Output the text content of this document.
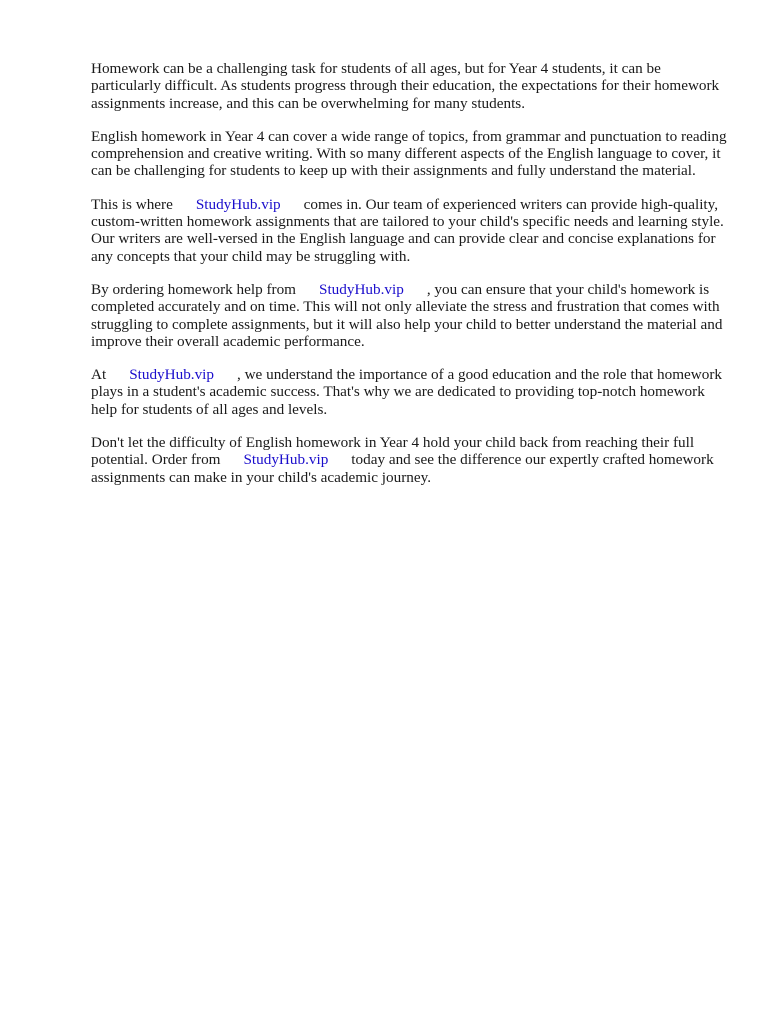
Homework can be a challenging task for students of all ages, but for Year 4 students, it can be particularly difficult. As students progress through their education, the expectations for their homework assignments increase, and this can be overwhelming for many students.

English homework in Year 4 can cover a wide range of topics, from grammar and punctuation to reading comprehension and creative writing. With so many different aspects of the English language to cover, it can be challenging for students to keep up with their assignments and fully understand the material.

This is where StudyHub.vip comes in. Our team of experienced writers can provide high-quality, custom-written homework assignments that are tailored to your child's specific needs and learning style. Our writers are well-versed in the English language and can provide clear and concise explanations for any concepts that your child may be struggling with.

By ordering homework help from StudyHub.vip , you can ensure that your child's homework is completed accurately and on time. This will not only alleviate the stress and frustration that comes with struggling to complete assignments, but it will also help your child to better understand the material and improve their overall academic performance.

At StudyHub.vip , we understand the importance of a good education and the role that homework plays in a student's academic success. That's why we are dedicated to providing top-notch homework help for students of all ages and levels.

Don't let the difficulty of English homework in Year 4 hold your child back from reaching their full potential. Order from StudyHub.vip today and see the difference our expertly crafted homework assignments can make in your child's academic journey.
